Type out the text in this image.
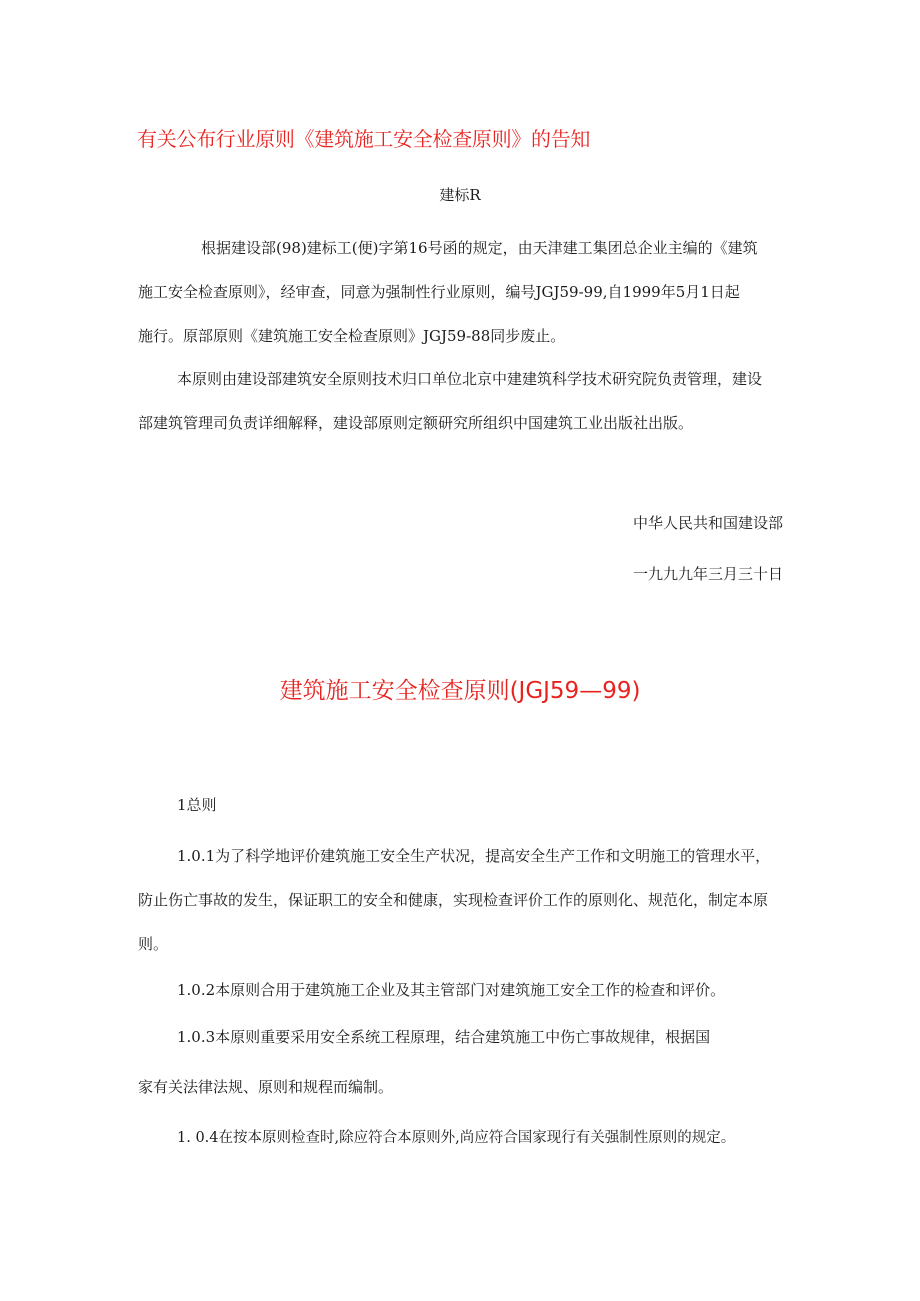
有关公布行业原则《建筑施工安全检查原则》的告知

建标R

根据建设部(98)建标工(便)字第16号函的规定，由天津建工集团总企业主编的《建筑
施工安全检查原则》，经审查，同意为强制性行业原则，编号JGJ59-99,自1999年5月1日起
施行。原部原则《建筑施工安全检查原则》JGJ59-88同步废止。
本原则由建设部建筑安全原则技术归口单位北京中建建筑科学技术研究院负责管理，建设
部建筑管理司负责详细解释，建设部原则定额研究所组织中国建筑工业出版社出版。

中华人民共和国建设部

一九九九年三月三十日

建筑施工安全检查原则(JGJ59—99)

1总则

1.0.1为了科学地评价建筑施工安全生产状况，提高安全生产工作和文明施工的管理水平，
防止伤亡事故的发生，保证职工的安全和健康，实现检查评价工作的原则化、规范化，制定本原
则。

1.0.2本原则合用于建筑施工企业及其主管部门对建筑施工安全工作的检查和评价。

1.0.3本原则重要采用安全系统工程原理，结合建筑施工中伤亡事故规律，根据国

家有关法律法规、原则和规程而编制。

1. 0.4在按本原则检查时,除应符合本原则外,尚应符合国家现行有关强制性原则的规定。
